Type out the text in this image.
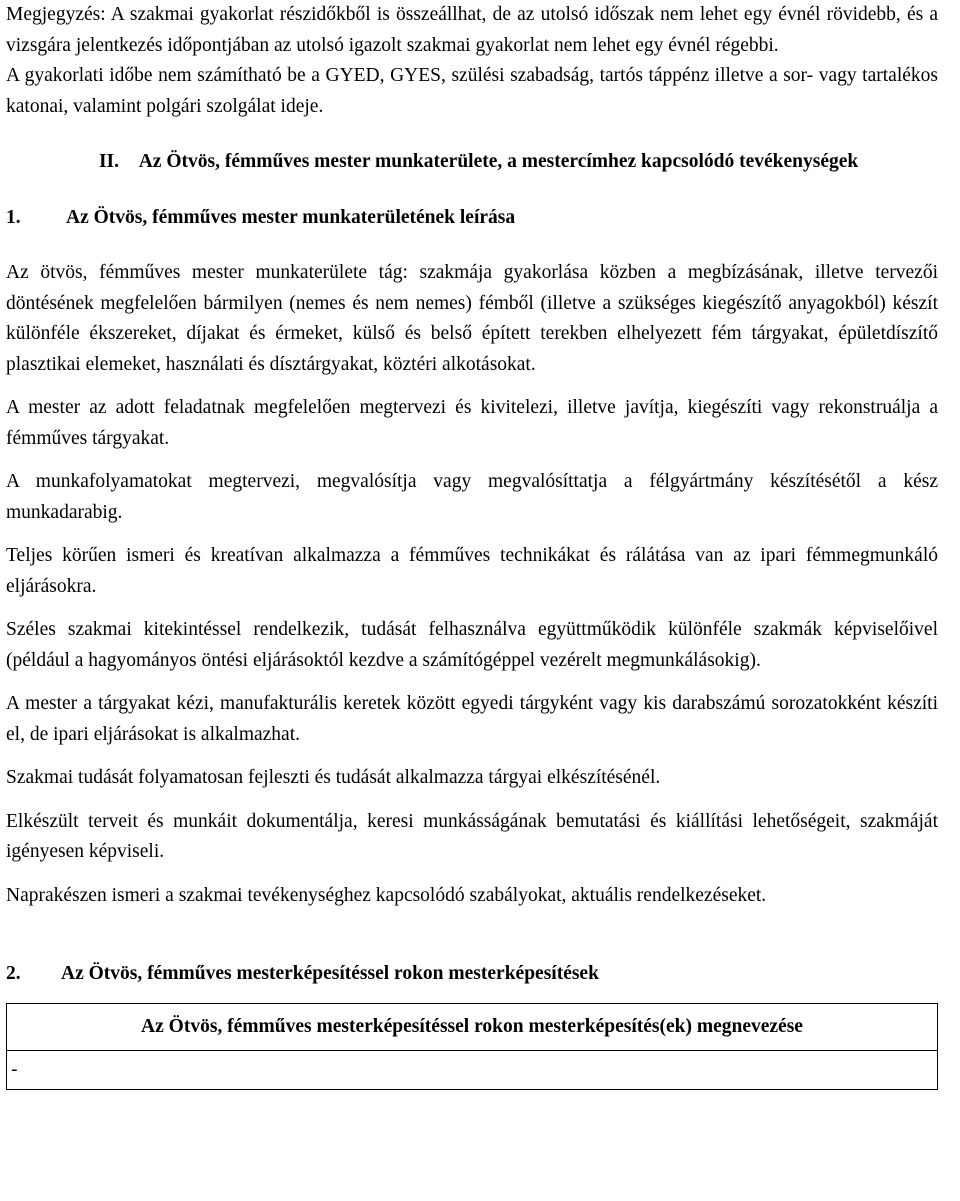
Megjegyzés: A szakmai gyakorlat részidőkből is összeállhat, de az utolsó időszak nem lehet egy évnél rövidebb, és a vizsgára jelentkezés időpontjában az utolsó igazolt szakmai gyakorlat nem lehet egy évnél régebbi.

A gyakorlati időbe nem számítható be a GYED, GYES, szülési szabadság, tartós táppénz illetve a sor- vagy tartalékos katonai, valamint polgári szolgálat ideje.

II.	Az Ötvös, fémműves mester munkaterülete, a mestercímhez kapcsolódó tevékenységek
1.	Az Ötvös, fémműves mester munkaterületének leírása

Az ötvös, fémműves mester munkaterülete tág: szakmája gyakorlása közben a megbízásának, illetve tervezői döntésének megfelelően bármilyen (nemes és nem nemes) fémből (illetve a szükséges kiegészítő anyagokból) készít különféle ékszereket, díjakat és érmeket, külső és belső épített terekben elhelyezett fém tárgyakat, épületdíszítő plasztikai elemeket, használati és dísztárgyakat, köztéri alkotásokat.

A mester az adott feladatnak megfelelően megtervezi és kivitelezi, illetve javítja, kiegészíti vagy rekonstruálja a fémműves tárgyakat.

A munkafolyamatokat megtervezi, megvalósítja vagy megvalósíttatja a félgyártmány készítésétől a kész munkadarabig.

Teljes körűen ismeri és kreatívan alkalmazza a fémműves technikákat és rálátása van az ipari fémmegmunkáló eljárásokra.

Széles szakmai kitekintéssel rendelkezik, tudását felhasználva együttműködik különféle szakmák képviselőivel (például a hagyományos öntési eljárásoktól kezdve a számítógéppel vezérelt megmunkálásokig).

A mester a tárgyakat kézi, manufakturális keretek között egyedi tárgyként vagy kis darabszámú sorozatokként készíti el, de ipari eljárásokat is alkalmazhat.

Szakmai tudását folyamatosan fejleszti és tudását alkalmazza tárgyai elkészítésénél.

Elkészült terveit és munkáit dokumentálja, keresi munkásságának bemutatási és kiállítási lehetőségeit, szakmáját igényesen képviseli.

Naprakészen ismeri a szakmai tevékenységhez kapcsolódó szabályokat, aktuális rendelkezéseket.

2.	Az Ötvös, fémműves mesterképesítéssel rokon mesterképesítések
Az Ötvös, fémműves mesterképesítéssel rokon mesterképesítés(ek) megnevezése
-
